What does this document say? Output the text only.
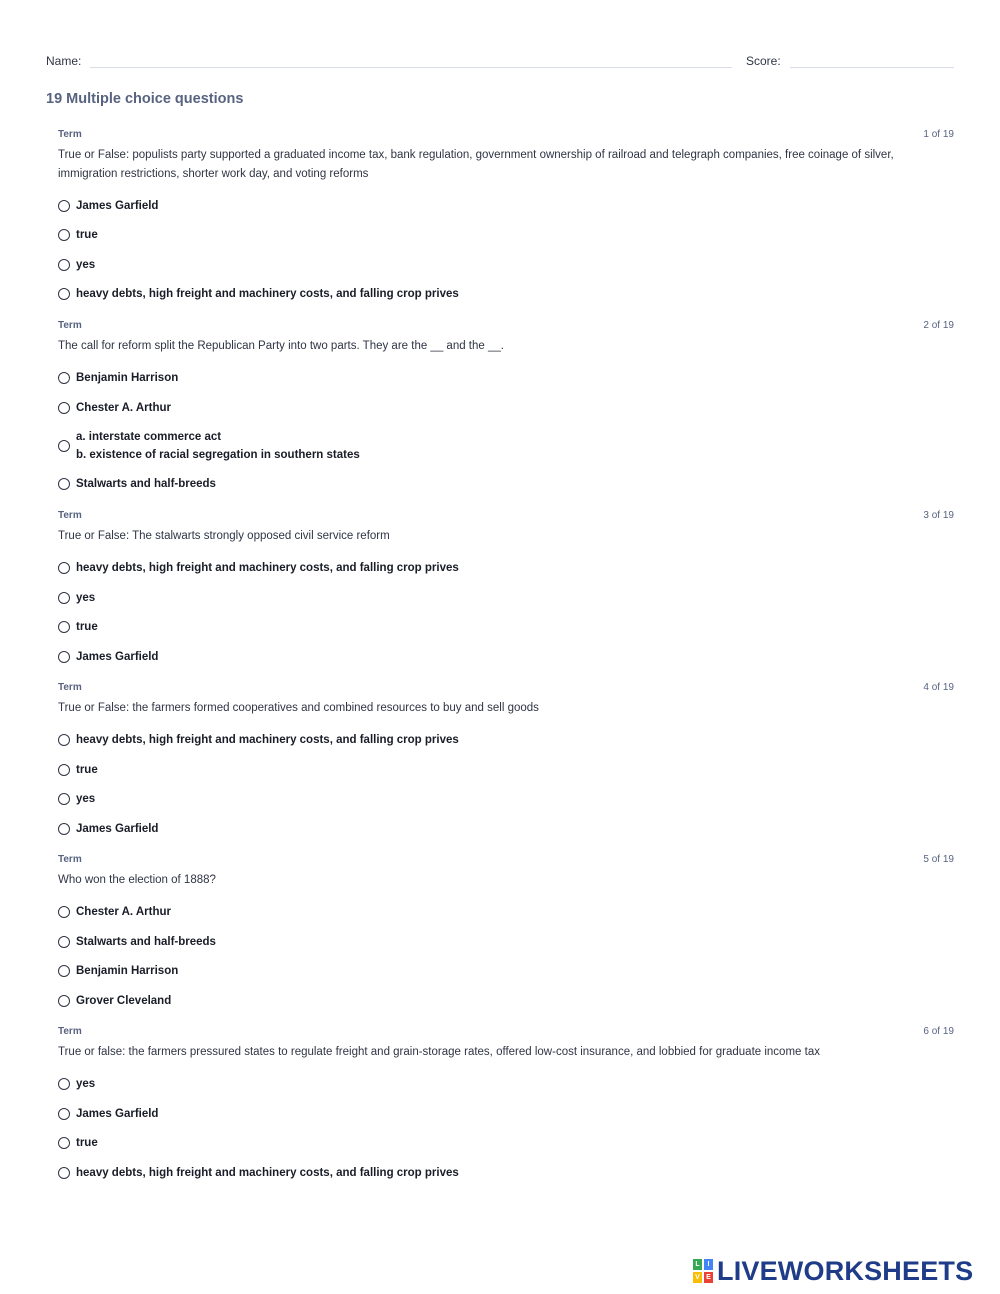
Name:	Score:
19 Multiple choice questions
Term	1 of 19
True or False: populists party supported a graduated income tax, bank regulation, government ownership of railroad and telegraph companies, free coinage of silver, immigration restrictions, shorter work day, and voting reforms
James Garfield
true
yes
heavy debts, high freight and machinery costs, and falling crop prives
Term	2 of 19
The call for reform split the Republican Party into two parts. They are the __ and the __.
Benjamin Harrison
Chester A. Arthur
a. interstate commerce act
b. existence of racial segregation in southern states
Stalwarts and half-breeds
Term	3 of 19
True or False: The stalwarts strongly opposed civil service reform
heavy debts, high freight and machinery costs, and falling crop prives
yes
true
James Garfield
Term	4 of 19
True or False: the farmers formed cooperatives and combined resources to buy and sell goods
heavy debts, high freight and machinery costs, and falling crop prives
true
yes
James Garfield
Term	5 of 19
Who won the election of 1888?
Chester A. Arthur
Stalwarts and half-breeds
Benjamin Harrison
Grover Cleveland
Term	6 of 19
True or false: the farmers pressured states to regulate freight and grain-storage rates, offered low-cost insurance, and lobbied for graduate income tax
yes
James Garfield
true
heavy debts, high freight and machinery costs, and falling crop prives
L	I
V E LIVEWORKSHEETS
